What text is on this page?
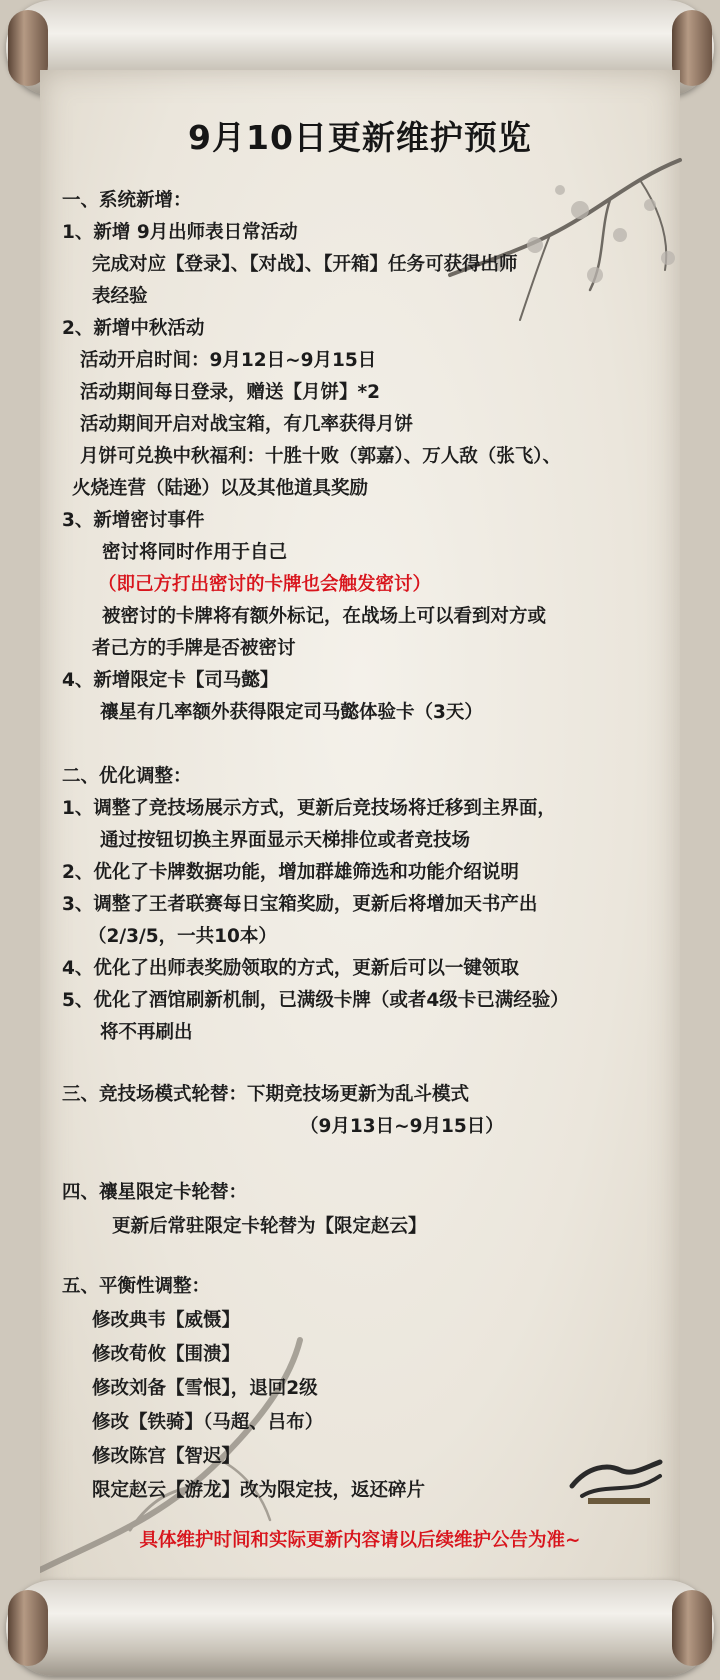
9月10日更新维护预览
一、系统新增：
1、新增 9月出师表日常活动
完成对应【登录】、【对战】、【开箱】任务可获得出师
表经验
2、新增中秋活动
活动开启时间：9月12日~9月15日
活动期间每日登录，赠送【月饼】*2
活动期间开启对战宝箱，有几率获得月饼
月饼可兑换中秋福利：十胜十败（郭嘉）、万人敌（张飞）、
火烧连营（陆逊）以及其他道具奖励
3、新增密讨事件
密讨将同时作用于自己
（即己方打出密讨的卡牌也会触发密讨）
被密讨的卡牌将有额外标记，在战场上可以看到对方或
者己方的手牌是否被密讨
4、新增限定卡【司马懿】
禳星有几率额外获得限定司马懿体验卡（3天）
二、优化调整：
1、调整了竞技场展示方式，更新后竞技场将迁移到主界面，
通过按钮切换主界面显示天梯排位或者竞技场
2、优化了卡牌数据功能，增加群雄筛选和功能介绍说明
3、调整了王者联赛每日宝箱奖励，更新后将增加天书产出
（2/3/5，一共10本）
4、优化了出师表奖励领取的方式，更新后可以一键领取
5、优化了酒馆刷新机制，已满级卡牌（或者4级卡已满经验）
将不再刷出
三、竞技场模式轮替：下期竞技场更新为乱斗模式
（9月13日~9月15日）
四、禳星限定卡轮替：
更新后常驻限定卡轮替为【限定赵云】
五、平衡性调整：
修改典韦【威慑】
修改荀攸【围溃】
修改刘备【雪恨】，退回2级
修改【铁骑】（马超、吕布）
修改陈宫【智迟】
限定赵云【游龙】改为限定技，返还碎片
具体维护时间和实际更新内容请以后续维护公告为准~
